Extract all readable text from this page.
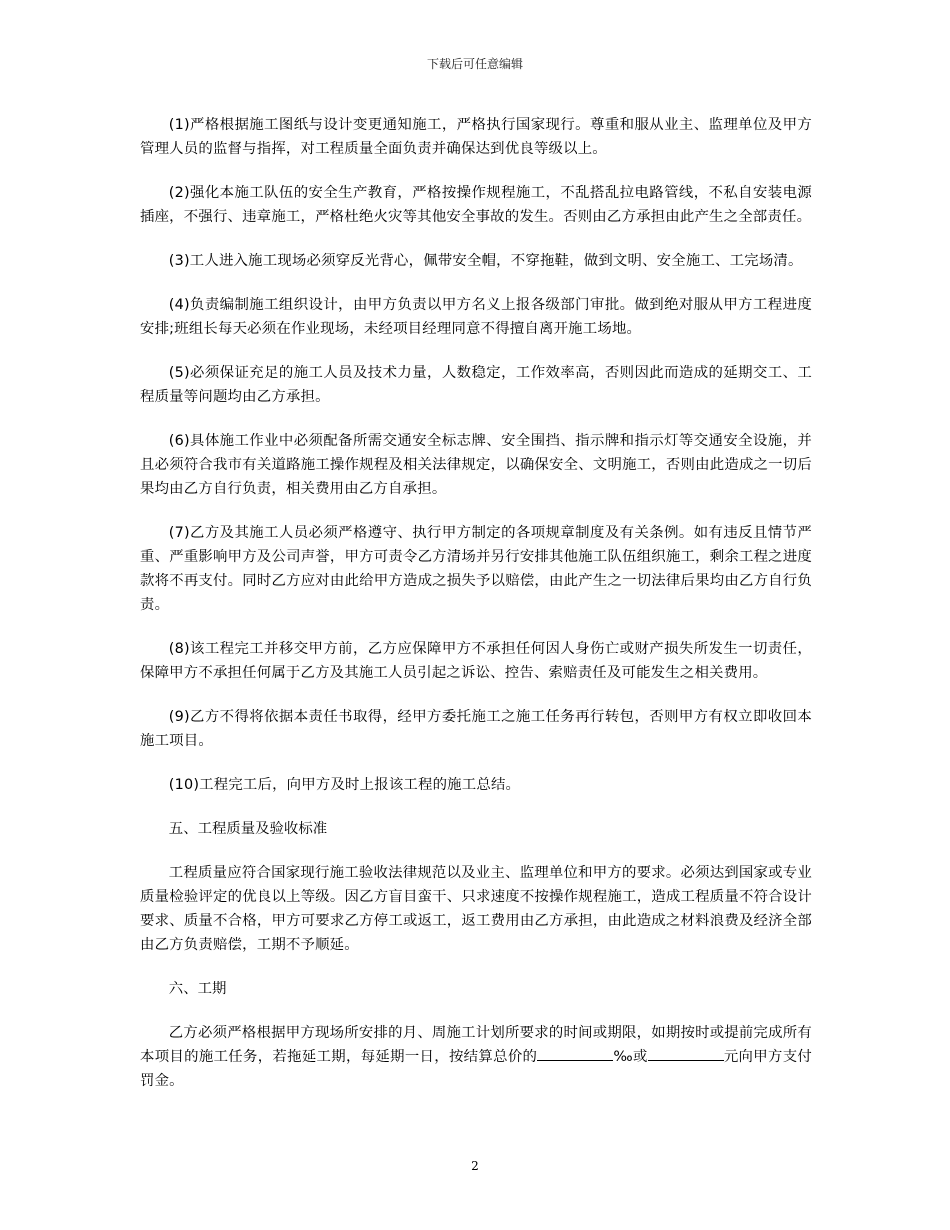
下载后可任意编辑

(1)严格根据施工图纸与设计变更通知施工，严格执行国家现行。尊重和服从业主、监理单位及甲方管理人员的监督与指挥，对工程质量全面负责并确保达到优良等级以上。

(2)强化本施工队伍的安全生产教育，严格按操作规程施工，不乱搭乱拉电路管线，不私自安装电源插座，不强行、违章施工，严格杜绝火灾等其他安全事故的发生。否则由乙方承担由此产生之全部责任。

(3)工人进入施工现场必须穿反光背心，佩带安全帽，不穿拖鞋，做到文明、安全施工、工完场清。

(4)负责编制施工组织设计，由甲方负责以甲方名义上报各级部门审批。做到绝对服从甲方工程进度安排;班组长每天必须在作业现场，未经项目经理同意不得擅自离开施工场地。

(5)必须保证充足的施工人员及技术力量，人数稳定，工作效率高，否则因此而造成的延期交工、工程质量等问题均由乙方承担。

(6)具体施工作业中必须配备所需交通安全标志牌、安全围挡、指示牌和指示灯等交通安全设施，并且必须符合我市有关道路施工操作规程及相关法律规定，以确保安全、文明施工，否则由此造成之一切后果均由乙方自行负责，相关费用由乙方自承担。

(7)乙方及其施工人员必须严格遵守、执行甲方制定的各项规章制度及有关条例。如有违反且情节严重、严重影响甲方及公司声誉，甲方可责令乙方清场并另行安排其他施工队伍组织施工，剩余工程之进度款将不再支付。同时乙方应对由此给甲方造成之损失予以赔偿，由此产生之一切法律后果均由乙方自行负责。

(8)该工程完工并移交甲方前，乙方应保障甲方不承担任何因人身伤亡或财产损失所发生一切责任，保障甲方不承担任何属于乙方及其施工人员引起之诉讼、控告、索赔责任及可能发生之相关费用。

(9)乙方不得将依据本责任书取得，经甲方委托施工之施工任务再行转包，否则甲方有权立即收回本施工项目。

(10)工程完工后，向甲方及时上报该工程的施工总结。

五、工程质量及验收标准

工程质量应符合国家现行施工验收法律规范以及业主、监理单位和甲方的要求。必须达到国家或专业质量检验评定的优良以上等级。因乙方盲目蛮干、只求速度不按操作规程施工，造成工程质量不符合设计要求、质量不合格，甲方可要求乙方停工或返工，返工费用由乙方承担，由此造成之材料浪费及经济全部由乙方负责赔偿，工期不予顺延。

六、工期

乙方必须严格根据甲方现场所安排的月、周施工计划所要求的时间或期限，如期按时或提前完成所有本项目的施工任务，若拖延工期，每延期一日，按结算总价的	‰或	元向甲方支付罚金。

2
